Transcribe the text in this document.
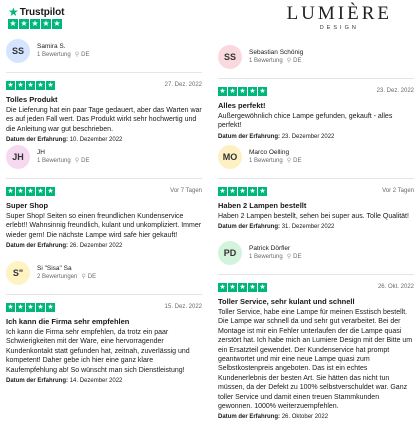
★ Trustpilot
★ ★ ★ ★ ★	LUMIÈRE
DESIGN
SS	Samira S.
1 Bewertung ⚲ DE
★ ★ ★ ★ ★	27. Dez. 2022
Tolles Produkt
Die Lieferung hat ein paar Tage gedauert, aber das Warten war es auf jeden Fall wert. Das Produkt wirkt sehr hochwertig und die Anleitung war gut beschrieben.
Datum der Erfahrung: 10. Dezember 2022
JH	JH
1 Bewertung ⚲ DE
★ ★ ★ ★ ★	Vor 7 Tagen
Super Shop
Super Shop! Seiten so einen freundlichen Kundenservice erlebt!! Wahnsinnig freundlich, kulant und unkompliziert. Immer wieder gern! Die nächste Lampe wird safe hier gekauft!
Datum der Erfahrung: 26. Dezember 2022
S"	Si "Sisa" Sa
2 Bewertungen ⚲ DE
★ ★ ★ ★ ★	15. Dez. 2022
Ich kann die Firma sehr empfehlen
Ich kann die Firma sehr empfehlen, da trotz ein paar Schwierigkeiten mit der Ware, eine hervorragender Kundenkontakt statt gefunden hat, zeitnah, zuverlässig und kompetent! Daher gebe ich hier eine ganz klare Kaufempfehlung ab! So wünscht man sich Dienstleistung!
Datum der Erfahrung: 14. Dezember 2022
SS	Sebastian Schönig
1 Bewertung ⚲ DE
★ ★ ★ ★ ★	23. Dez. 2022
Alles perfekt!
Außergewöhnlich chice Lampe gefunden, gekauft - alles perfekt!
Datum der Erfahrung: 23. Dezember 2022
MO	Marco Oelling
1 Bewertung ⚲ DE
★ ★ ★ ★ ★	Vor 2 Tagen
Haben 2 Lampen bestellt
Haben 2 Lampen bestellt, sehen bei super aus. Tolle Qualität!
Datum der Erfahrung: 31. Dezember 2022
PD	Patrick Dörfler
1 Bewertung ⚲ DE
★ ★ ★ ★ ★	26. Okt. 2022
Toller Service, sehr kulant und schnell
Toller Service, habe eine Lampe für meinen Esstisch bestellt. Die Lampe war schnell da und sehr gut verarbeitet. Bei der Montage ist mir ein Fehler unterlaufen der die Lampe quasi zerstört hat. Ich habe mich an Lumiere Design mit der Bitte um ein Ersatzteil gewendet. Der Kundenservice hat prompt geantwortet und mir eine neue Lampe quasi zum Selbstkostenpreis angeboten. Das ist ein echtes Kundenerlebnis der besten Art. Sie hätten das nicht tun müssen, da der Defekt zu 100% selbstverschuldet war. Ganz toller Service und damit einen treuen Stammkunden gewonnen. 1000% weiterzuempfehlen.
Datum der Erfahrung: 26. Oktober 2022
